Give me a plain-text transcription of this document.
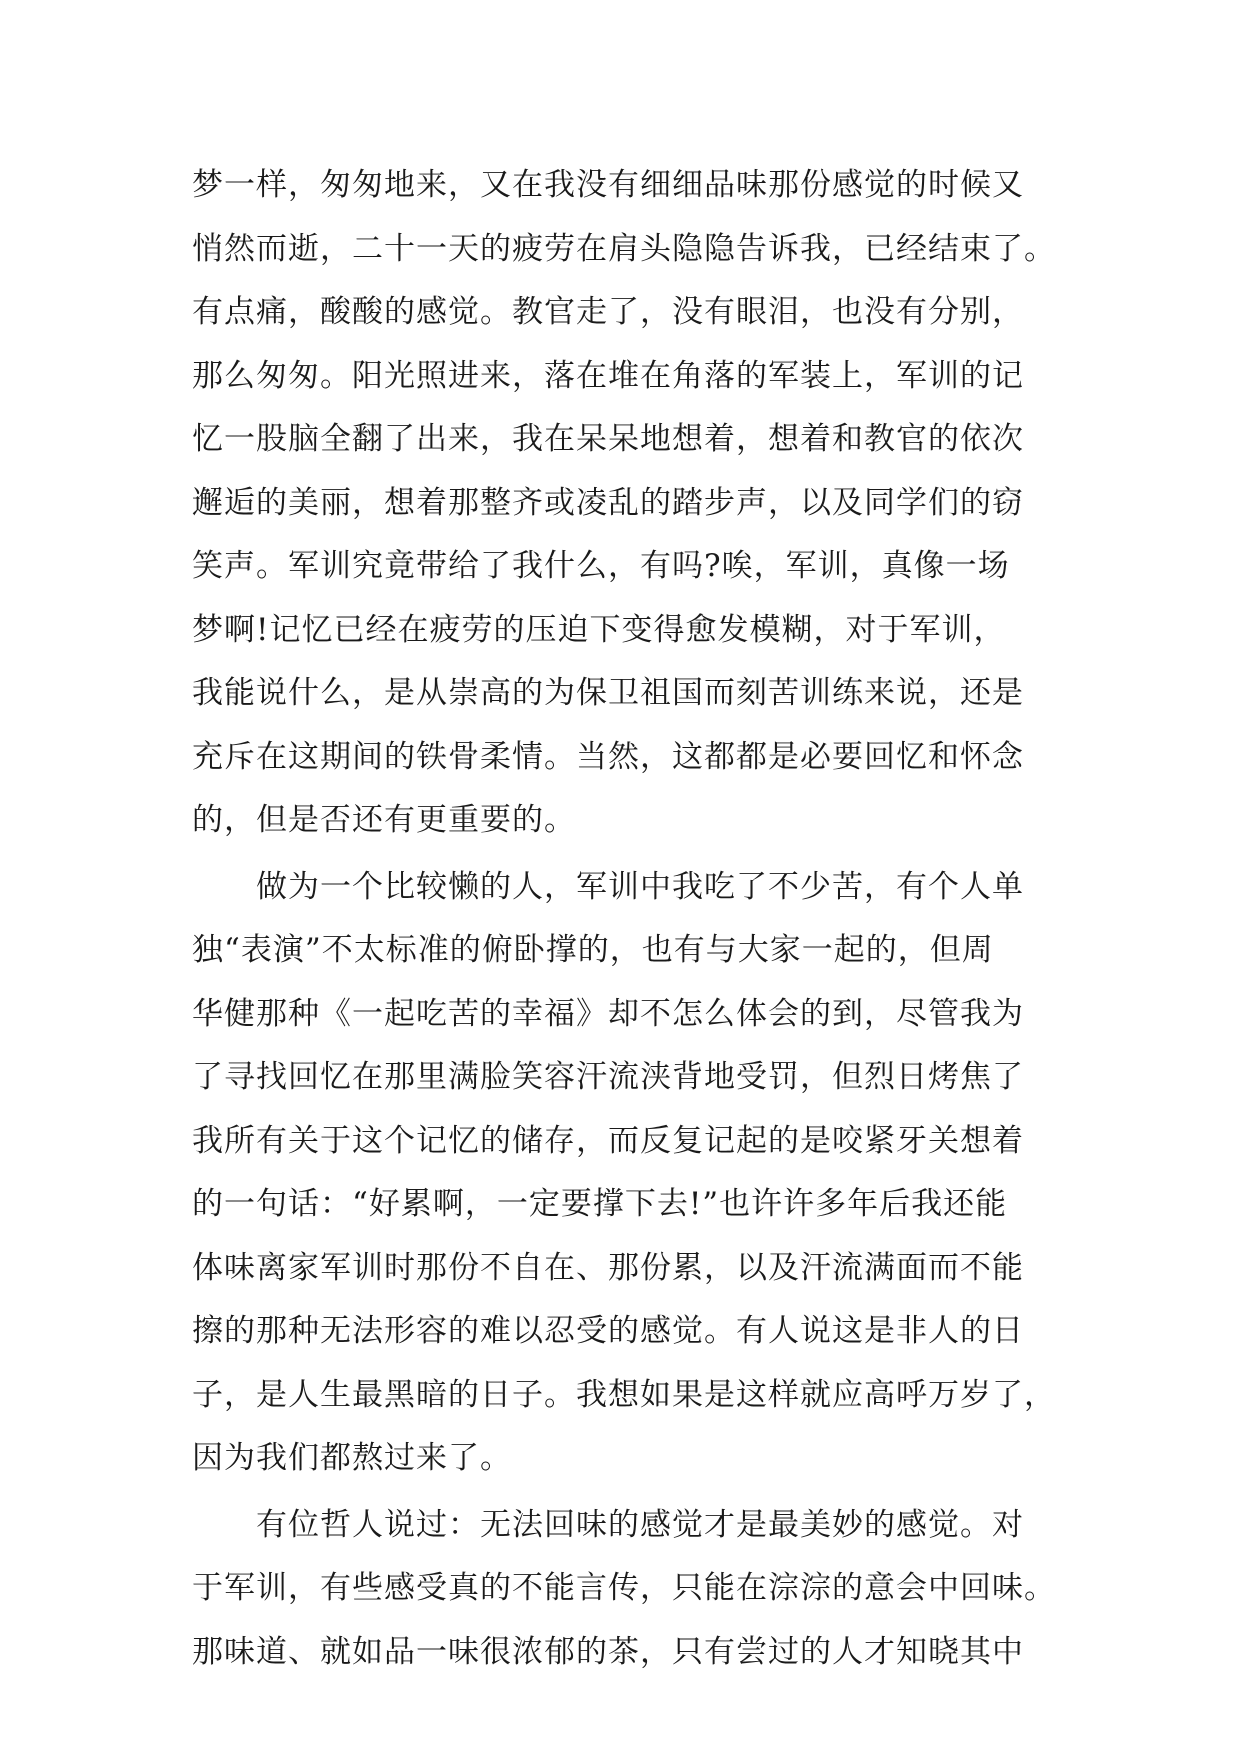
梦一样，匆匆地来，又在我没有细细品味那份感觉的时候又
悄然而逝，二十一天的疲劳在肩头隐隐告诉我，已经结束了。
有点痛，酸酸的感觉。教官走了，没有眼泪，也没有分别，
那么匆匆。阳光照进来，落在堆在角落的军装上，军训的记
忆一股脑全翻了出来，我在呆呆地想着，想着和教官的依次
邂逅的美丽，想着那整齐或凌乱的踏步声，以及同学们的窃
笑声。军训究竟带给了我什么，有吗?唉，军训，真像一场
梦啊!记忆已经在疲劳的压迫下变得愈发模糊，对于军训，
我能说什么，是从崇高的为保卫祖国而刻苦训练来说，还是
充斥在这期间的铁骨柔情。当然，这都都是必要回忆和怀念
的，但是否还有更重要的。
　　做为一个比较懒的人，军训中我吃了不少苦，有个人单
独“表演”不太标准的俯卧撑的，也有与大家一起的，但周
华健那种《一起吃苦的幸福》却不怎么体会的到，尽管我为
了寻找回忆在那里满脸笑容汗流浃背地受罚，但烈日烤焦了
我所有关于这个记忆的储存，而反复记起的是咬紧牙关想着
的一句话：“好累啊，一定要撑下去!”也许许多年后我还能
体味离家军训时那份不自在、那份累，以及汗流满面而不能
擦的那种无法形容的难以忍受的感觉。有人说这是非人的日
子，是人生最黑暗的日子。我想如果是这样就应高呼万岁了，
因为我们都熬过来了。
　　有位哲人说过：无法回味的感觉才是最美妙的感觉。对
于军训，有些感受真的不能言传，只能在淙淙的意会中回味。
那味道、就如品一味很浓郁的茶，只有尝过的人才知晓其中
